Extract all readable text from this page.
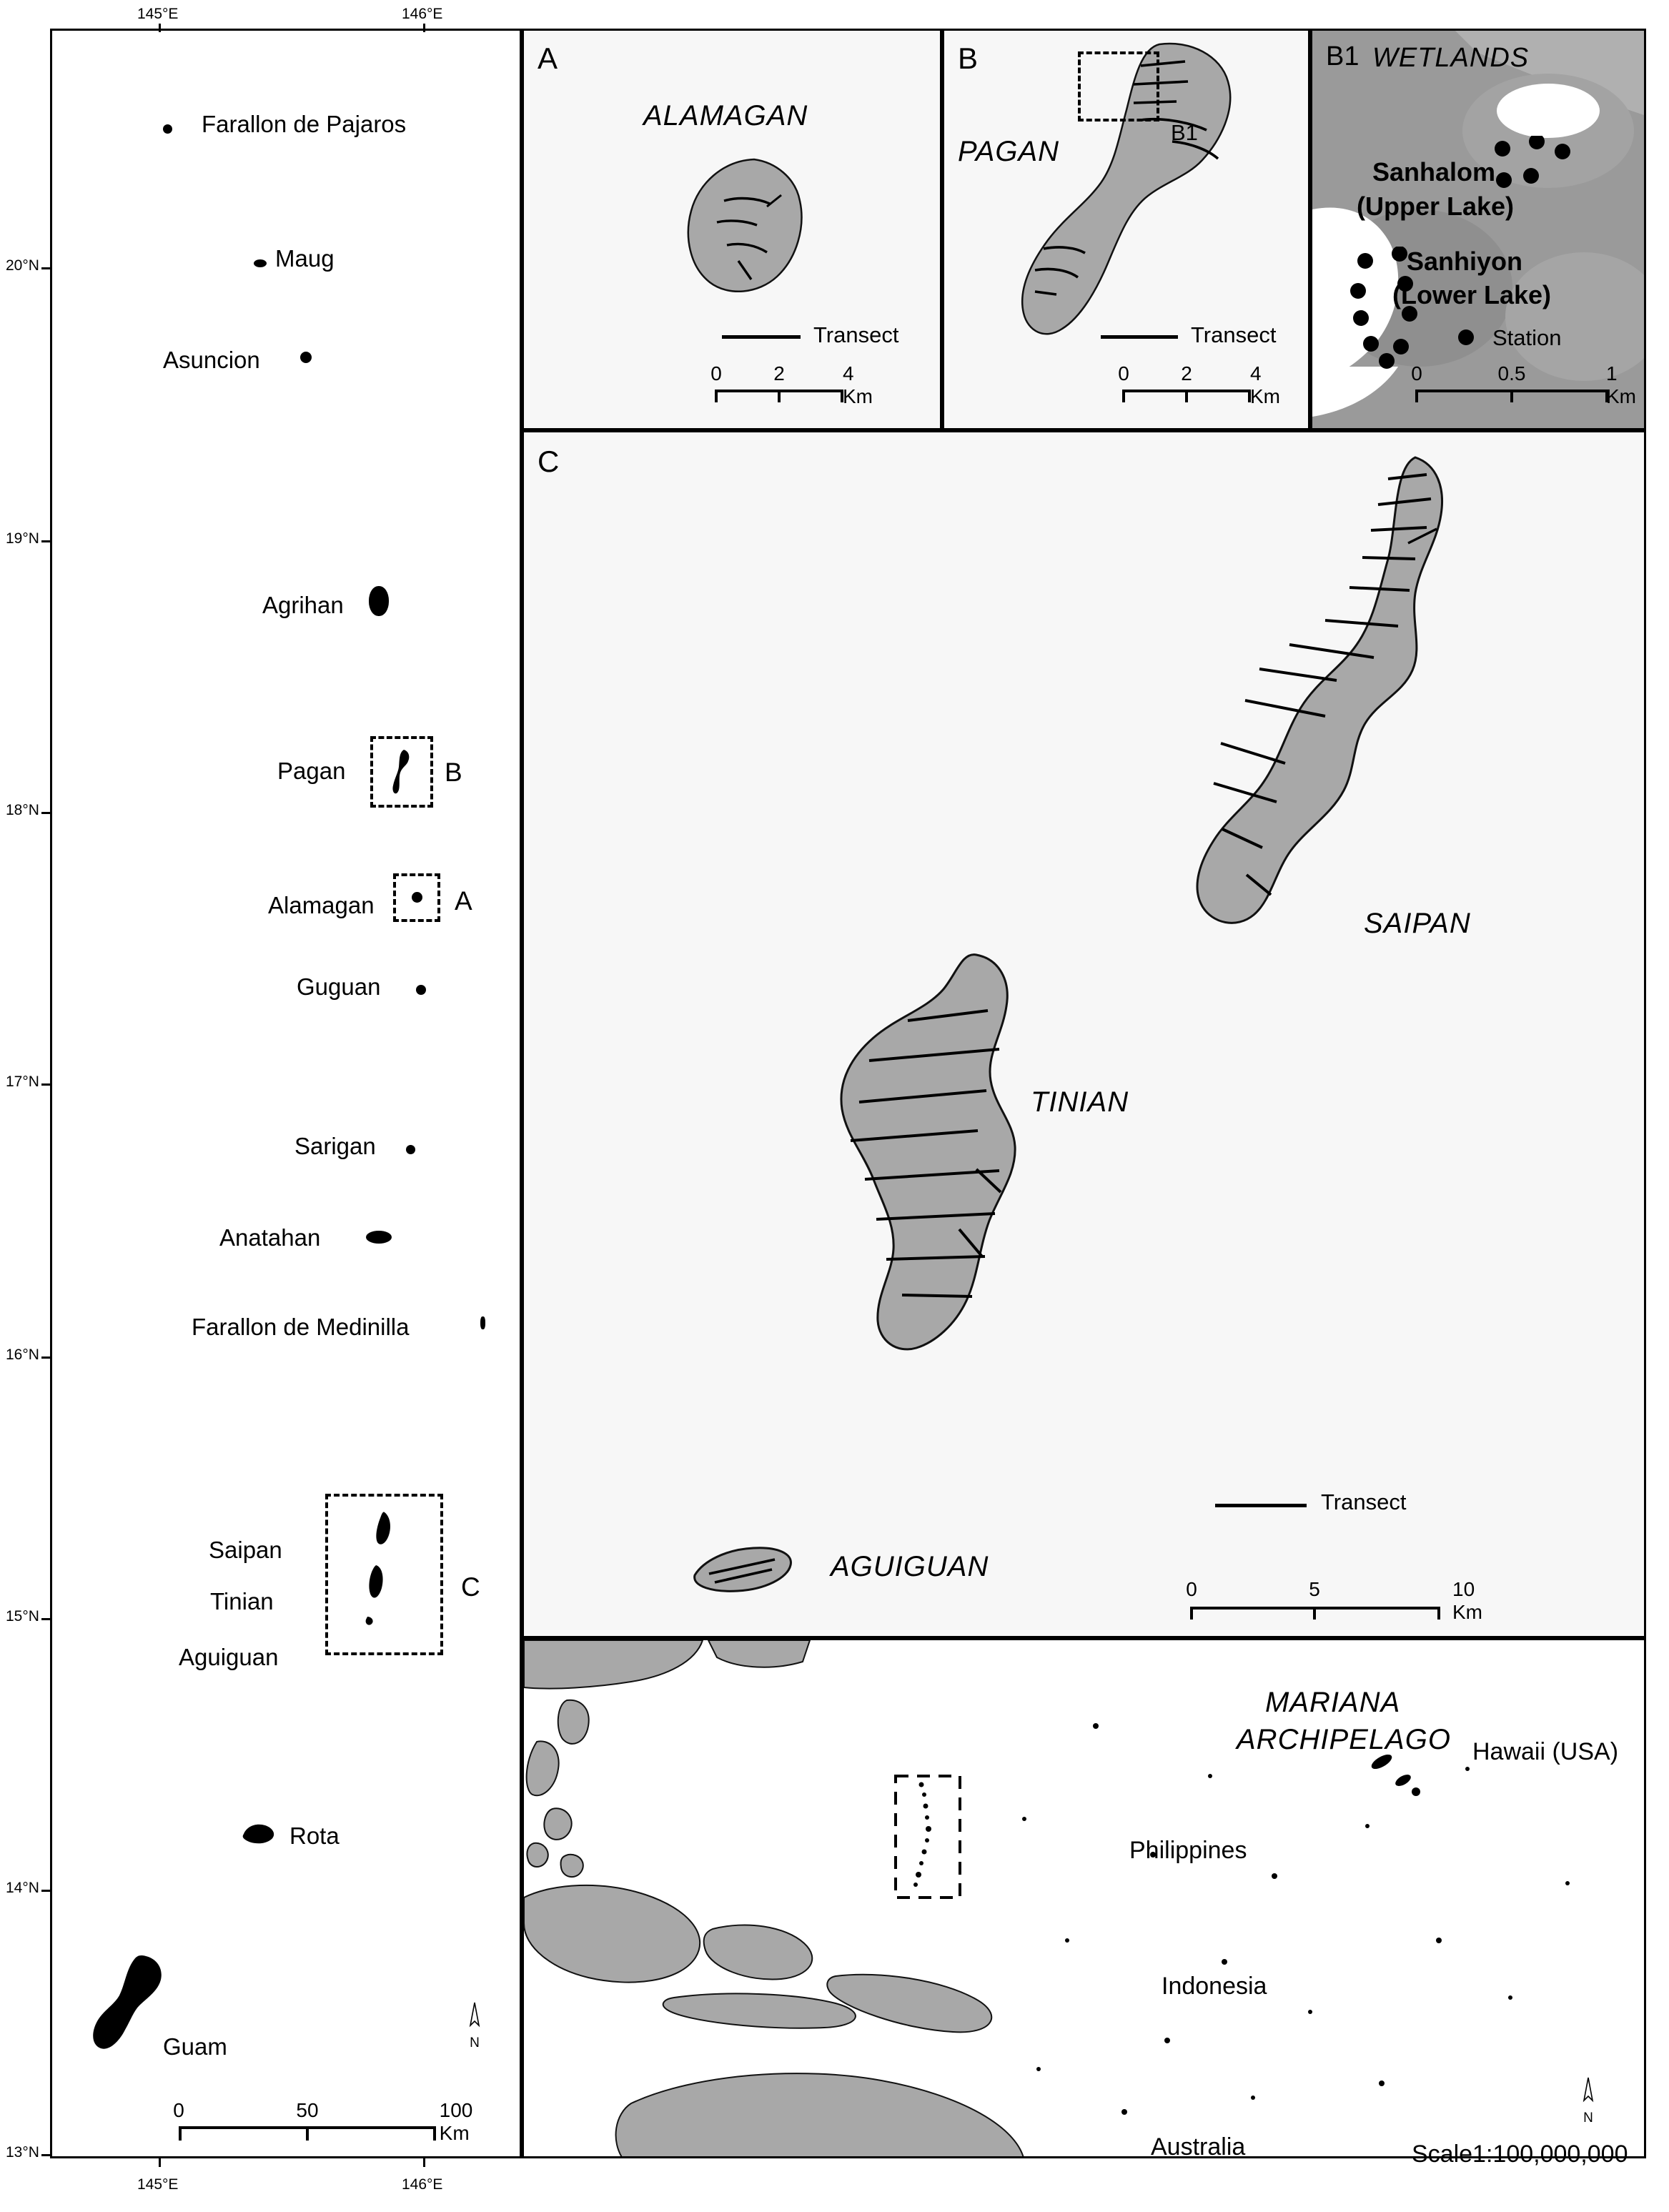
145°E	146°E
145°E	146°E
20°N
19°N
18°N
17°N
16°N
15°N
14°N
13°N
Farallon de Pajaros
Maug
Asuncion
Agrihan
Pagan	B
Alamagan	A
Guguan
Sarigan
Anatahan
Farallon de Medinilla
Saipan
Tinian
Aguiguan
C
Rota
Guam
0	50	100 Km
N
A
ALAMAGAN
Transect
0	2	4 Km
B
PAGAN
B1
Transect
0	2	4 Km
B1 WETLANDS
Sanhalom
(Upper Lake)
Sanhiyon
(Lower Lake)
Station
0	0.5	1 Km
C
SAIPAN
TINIAN
AGUIGUAN
Transect
0	5	10 Km
MARIANA
ARCHIPELAGO
Philippines
Indonesia
Australia
Hawaii (USA)
Scale1:100,000,000
N
